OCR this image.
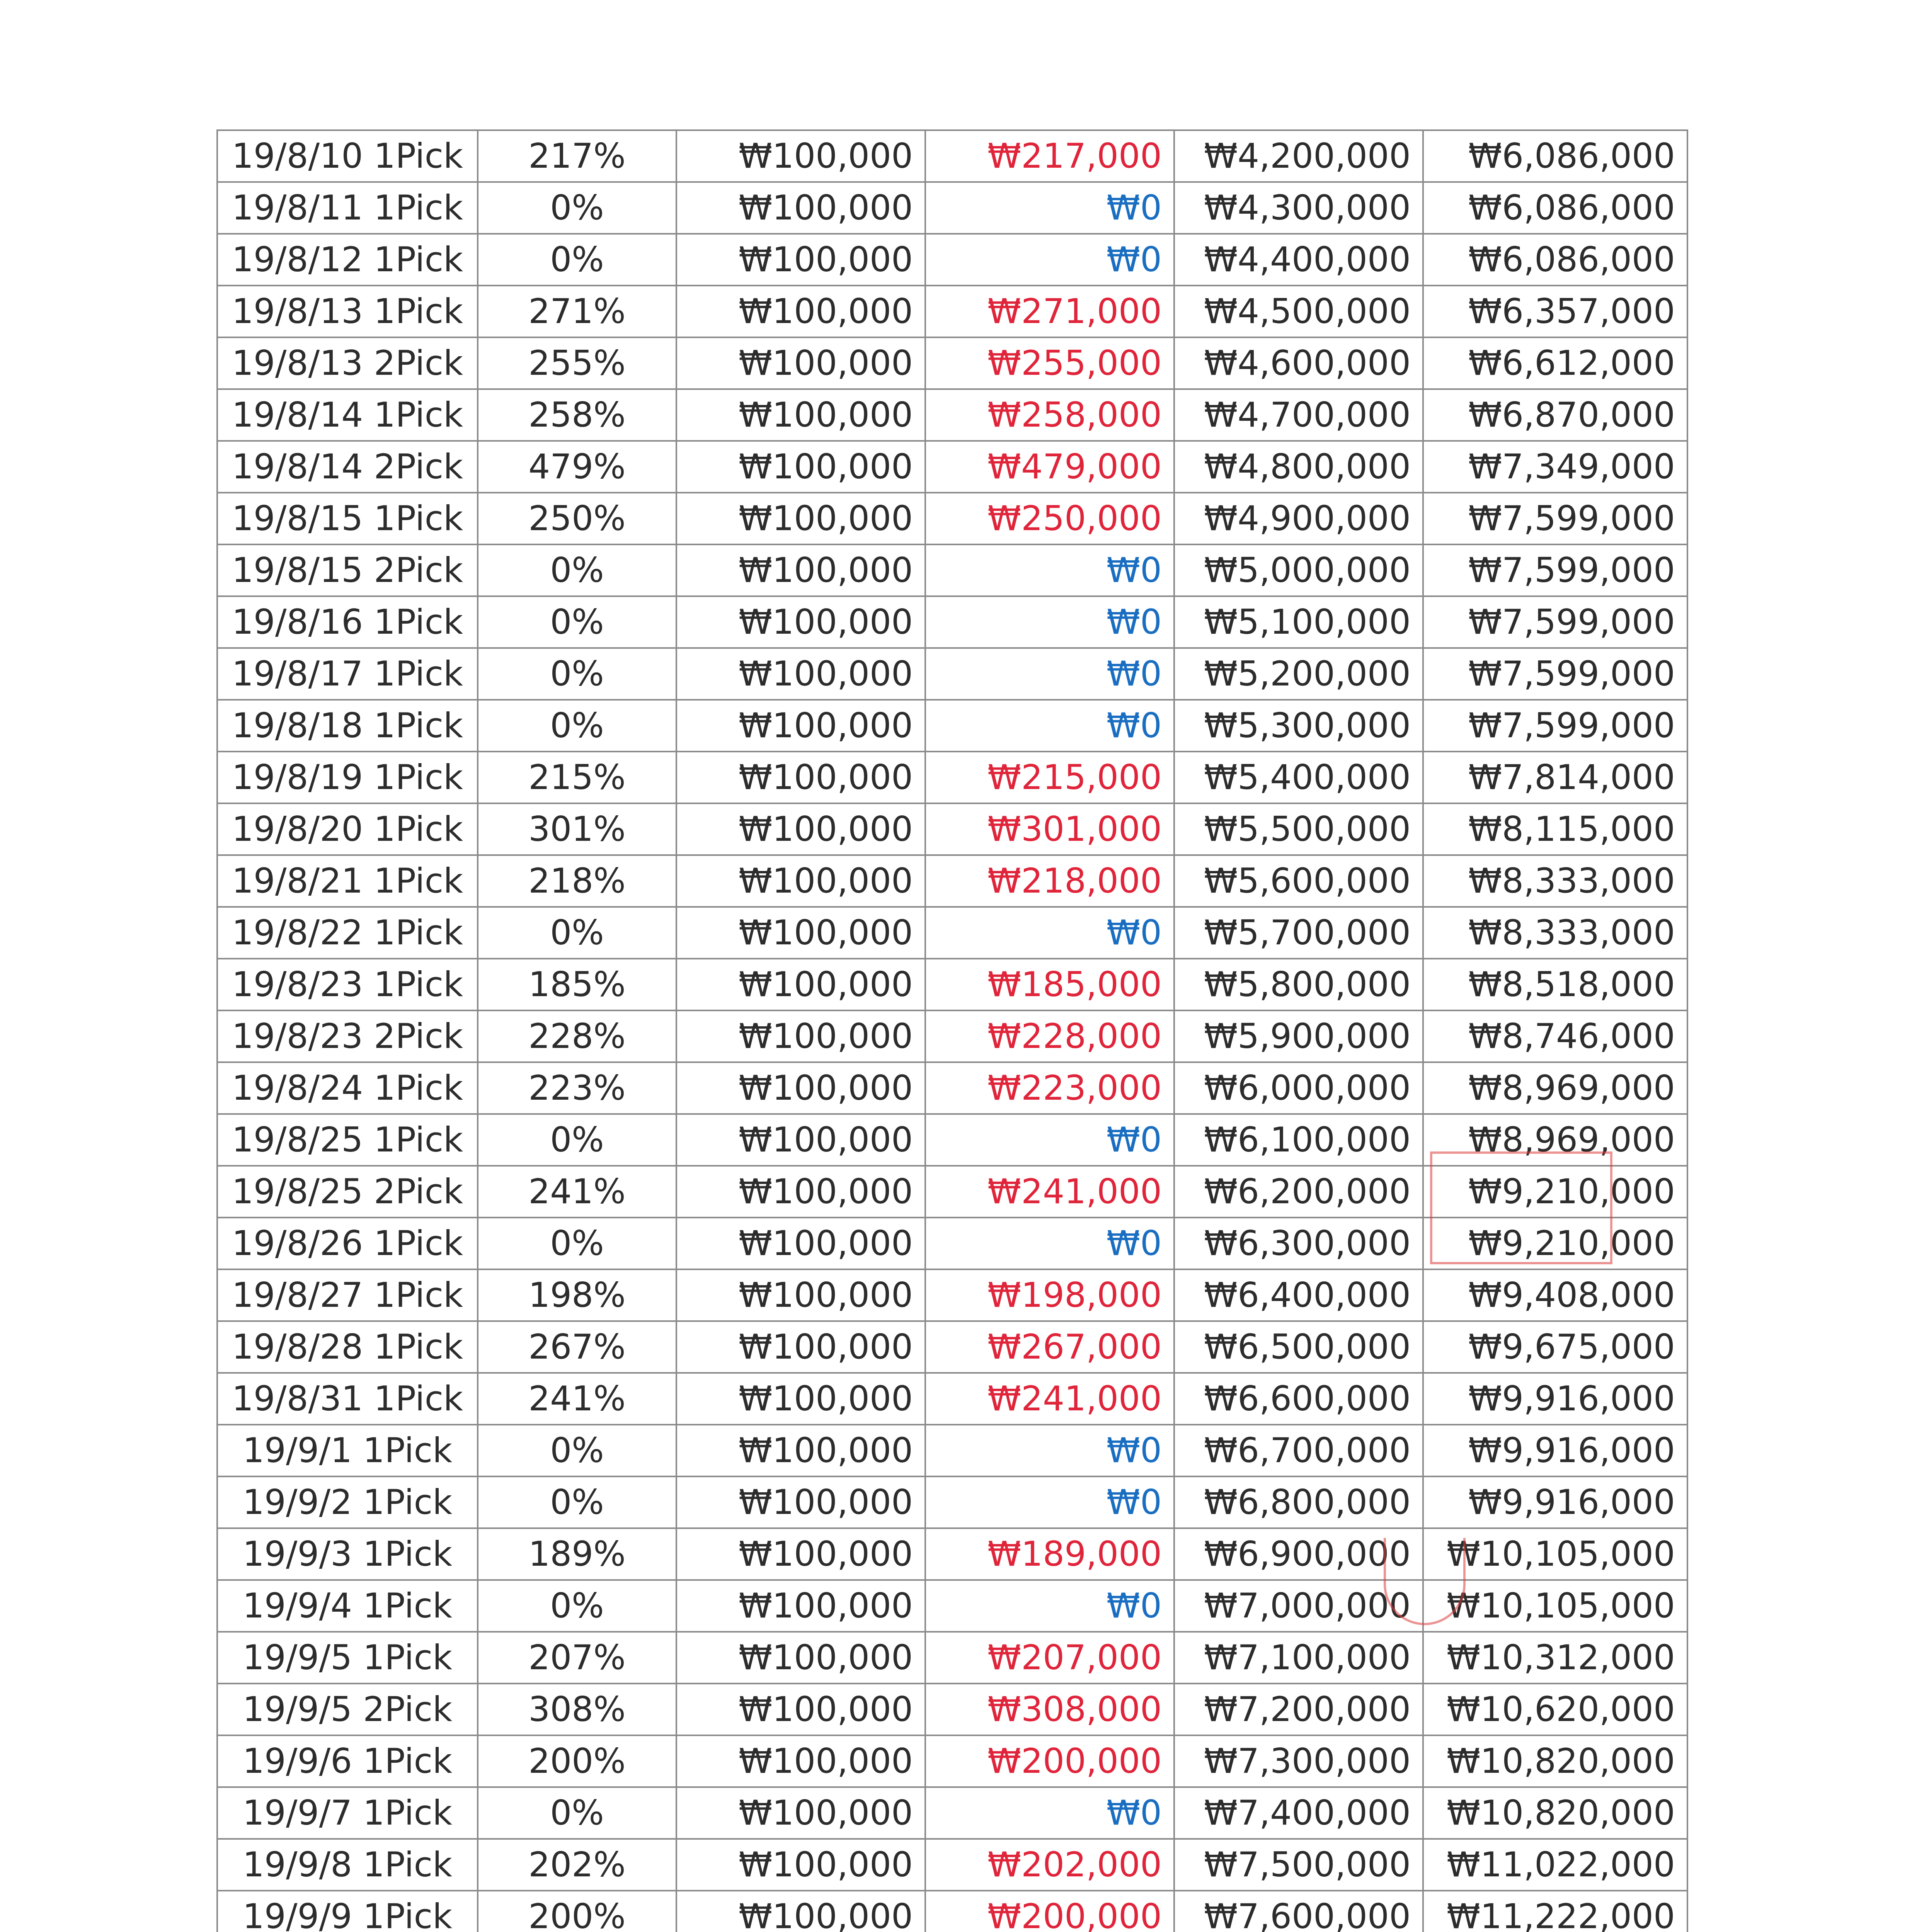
19/8/10 1Pick	217%	₩100,000	₩217,000	₩4,200,000	₩6,086,000
19/8/11 1Pick	0%	₩100,000	₩0	₩4,300,000	₩6,086,000
19/8/12 1Pick	0%	₩100,000	₩0	₩4,400,000	₩6,086,000
19/8/13 1Pick	271%	₩100,000	₩271,000	₩4,500,000	₩6,357,000
19/8/13 2Pick	255%	₩100,000	₩255,000	₩4,600,000	₩6,612,000
19/8/14 1Pick	258%	₩100,000	₩258,000	₩4,700,000	₩6,870,000
19/8/14 2Pick	479%	₩100,000	₩479,000	₩4,800,000	₩7,349,000
19/8/15 1Pick	250%	₩100,000	₩250,000	₩4,900,000	₩7,599,000
19/8/15 2Pick	0%	₩100,000	₩0	₩5,000,000	₩7,599,000
19/8/16 1Pick	0%	₩100,000	₩0	₩5,100,000	₩7,599,000
19/8/17 1Pick	0%	₩100,000	₩0	₩5,200,000	₩7,599,000
19/8/18 1Pick	0%	₩100,000	₩0	₩5,300,000	₩7,599,000
19/8/19 1Pick	215%	₩100,000	₩215,000	₩5,400,000	₩7,814,000
19/8/20 1Pick	301%	₩100,000	₩301,000	₩5,500,000	₩8,115,000
19/8/21 1Pick	218%	₩100,000	₩218,000	₩5,600,000	₩8,333,000
19/8/22 1Pick	0%	₩100,000	₩0	₩5,700,000	₩8,333,000
19/8/23 1Pick	185%	₩100,000	₩185,000	₩5,800,000	₩8,518,000
19/8/23 2Pick	228%	₩100,000	₩228,000	₩5,900,000	₩8,746,000
19/8/24 1Pick	223%	₩100,000	₩223,000	₩6,000,000	₩8,969,000
19/8/25 1Pick	0%	₩100,000	₩0	₩6,100,000	₩8,969,000
19/8/25 2Pick	241%	₩100,000	₩241,000	₩6,200,000	₩9,210,000
19/8/26 1Pick	0%	₩100,000	₩0	₩6,300,000	₩9,210,000
19/8/27 1Pick	198%	₩100,000	₩198,000	₩6,400,000	₩9,408,000
19/8/28 1Pick	267%	₩100,000	₩267,000	₩6,500,000	₩9,675,000
19/8/31 1Pick	241%	₩100,000	₩241,000	₩6,600,000	₩9,916,000
19/9/1 1Pick	0%	₩100,000	₩0	₩6,700,000	₩9,916,000
19/9/2 1Pick	0%	₩100,000	₩0	₩6,800,000	₩9,916,000
19/9/3 1Pick	189%	₩100,000	₩189,000	₩6,900,000	₩10,105,000
19/9/4 1Pick	0%	₩100,000	₩0	₩7,000,000	₩10,105,000
19/9/5 1Pick	207%	₩100,000	₩207,000	₩7,100,000	₩10,312,000
19/9/5 2Pick	308%	₩100,000	₩308,000	₩7,200,000	₩10,620,000
19/9/6 1Pick	200%	₩100,000	₩200,000	₩7,300,000	₩10,820,000
19/9/7 1Pick	0%	₩100,000	₩0	₩7,400,000	₩10,820,000
19/9/8 1Pick	202%	₩100,000	₩202,000	₩7,500,000	₩11,022,000
19/9/9 1Pick	200%	₩100,000	₩200,000	₩7,600,000	₩11,222,000
